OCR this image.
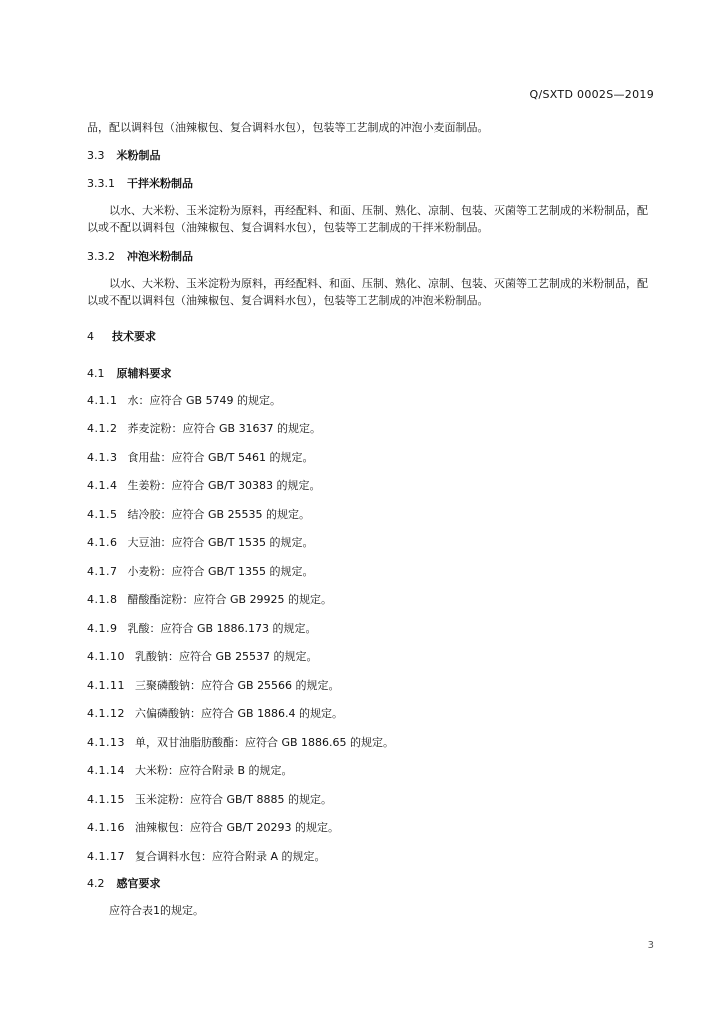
Q/SXTD 0002S—2019

品，配以调料包（油辣椒包、复合调料水包），包装等工艺制成的冲泡小麦面制品。

3.3 米粉制品
3.3.1 干拌米粉制品

以水、大米粉、玉米淀粉为原料，再经配料、和面、压制、熟化、凉制、包装、灭菌等工艺制成的米粉制品，配以或不配以调料包（油辣椒包、复合调料水包），包装等工艺制成的干拌米粉制品。

3.3.2 冲泡米粉制品

以水、大米粉、玉米淀粉为原料，再经配料、和面、压制、熟化、凉制、包装、灭菌等工艺制成的米粉制品，配以或不配以调料包（油辣椒包、复合调料水包），包装等工艺制成的冲泡米粉制品。

4 技术要求
4.1 原辅料要求
4.1.1 水：应符合 GB 5749 的规定。
4.1.2 荞麦淀粉：应符合 GB 31637 的规定。
4.1.3 食用盐：应符合 GB/T 5461 的规定。
4.1.4 生姜粉：应符合 GB/T 30383 的规定。
4.1.5 结冷胶：应符合 GB 25535 的规定。
4.1.6 大豆油：应符合 GB/T 1535 的规定。
4.1.7 小麦粉：应符合 GB/T 1355 的规定。
4.1.8 醋酸酯淀粉：应符合 GB 29925 的规定。
4.1.9 乳酸：应符合 GB 1886.173 的规定。
4.1.10 乳酸钠：应符合 GB 25537 的规定。
4.1.11 三聚磷酸钠：应符合 GB 25566 的规定。
4.1.12 六偏磷酸钠：应符合 GB 1886.4 的规定。
4.1.13 单，双甘油脂肪酸酯：应符合 GB 1886.65 的规定。
4.1.14 大米粉：应符合附录 B 的规定。
4.1.15 玉米淀粉：应符合 GB/T 8885 的规定。
4.1.16 油辣椒包：应符合 GB/T 20293 的规定。
4.1.17 复合调料水包：应符合附录 A 的规定。
4.2 感官要求

应符合表1的规定。

3
